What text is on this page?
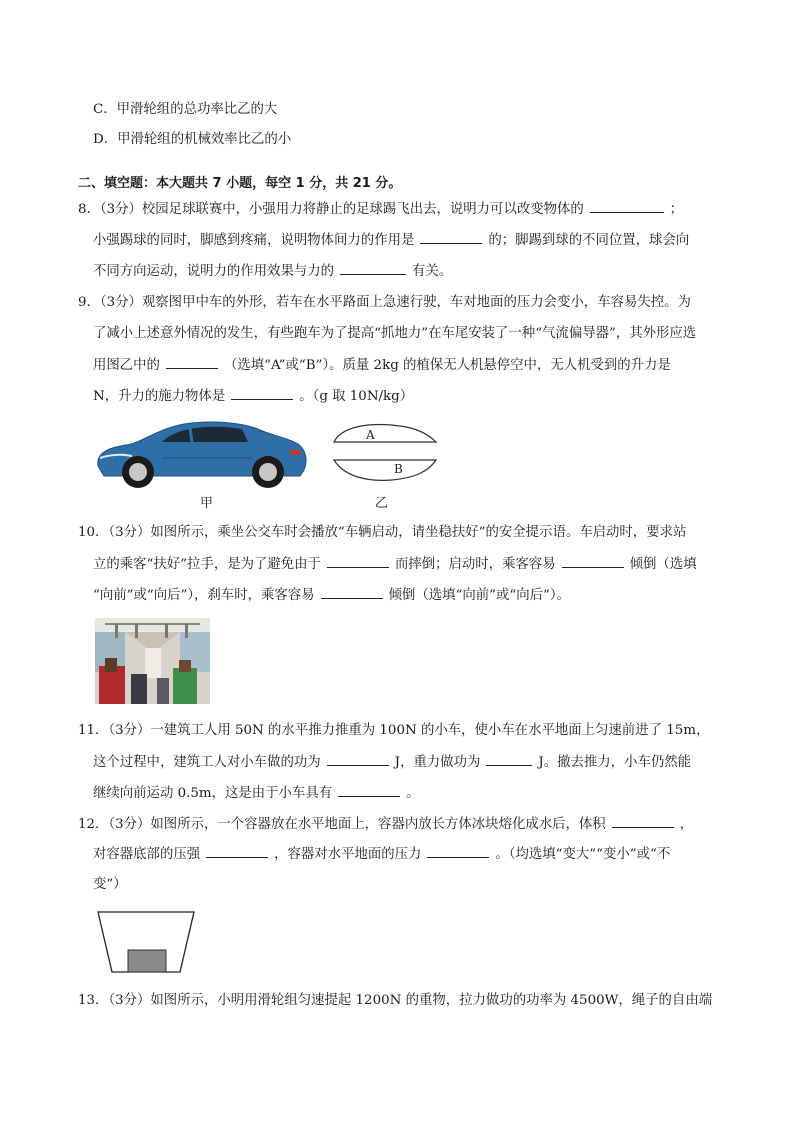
C．甲滑轮组的总功率比乙的大
D．甲滑轮组的机械效率比乙的小
二、填空题：本大题共 7 小题，每空 1 分，共 21 分。
8．（3分）校园足球联赛中，小强用力将静止的足球踢飞出去，说明力可以改变物体的	；
小强踢球的同时，脚感到疼痛，说明物体间力的作用是	的；脚踢到球的不同位置，球会向
不同方向运动，说明力的作用效果与力的	有关。
9．（3分）观察图甲中车的外形，若车在水平路面上急速行驶，车对地面的压力会变小，车容易失控。为
了减小上述意外情况的发生，有些跑车为了提高“抓地力”在车尾安装了一种“气流偏导器”，其外形应选
用图乙中的	（选填“A”或“B”）。质量 2kg 的植保无人机悬停空中，无人机受到的升力是
N，升力的施力物体是	。（g 取 10N/kg）
甲
A
B
乙
10．（3分）如图所示，乘坐公交车时会播放“车辆启动，请坐稳扶好”的安全提示语。车启动时，要求站
立的乘客“扶好”拉手，是为了避免由于	而摔倒；启动时，乘客容易	倾倒（选填
“向前”或“向后”），刹车时，乘客容易	倾倒（选填“向前”或“向后”）。
11．（3分）一建筑工人用 50N 的水平推力推重为 100N 的小车，使小车在水平地面上匀速前进了 15m，
这个过程中，建筑工人对小车做的功为	J，重力做功为	J。撤去推力，小车仍然能
继续向前运动 0.5m，这是由于小车具有	。
12．（3分）如图所示，一个容器放在水平地面上，容器内放长方体冰块熔化成水后，体积	，
对容器底部的压强	，容器对水平地面的压力	。（均选填“变大”“变小”或“不
变”）
13．（3分）如图所示，小明用滑轮组匀速提起 1200N 的重物，拉力做功的功率为 4500W，绳子的自由端
